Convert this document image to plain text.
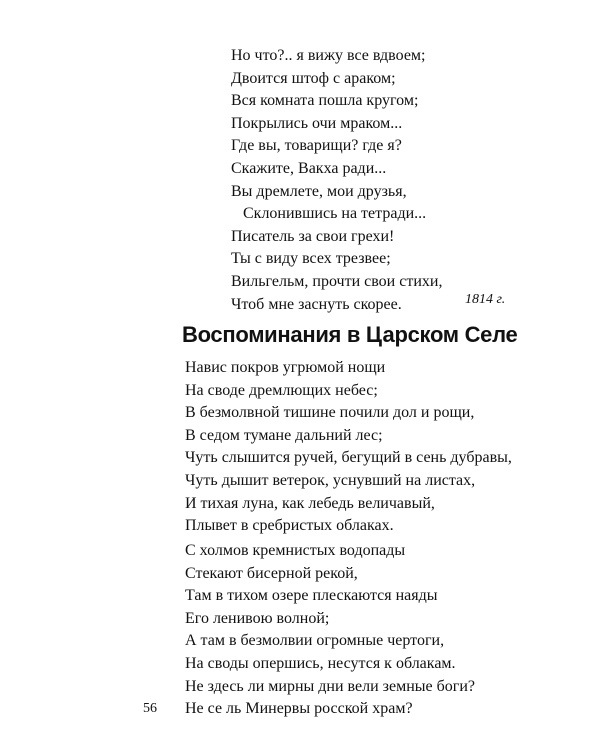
Но что?.. я вижу все вдвоем;
Двоится штоф с араком;
Вся комната пошла кругом;
Покрылись очи мраком...
Где вы, товарищи? где я?
Скажите, Вакха ради...
Вы дремлете, мои друзья,
Склонившись на тетради...
Писатель за свои грехи!
Ты с виду всех трезвее;
Вильгельм, прочти свои стихи,
Чтоб мне заснуть скорее.	1814 г.
Воспоминания в Царском Селе
Навис покров угрюмой нощи
На своде дремлющих небес;
В безмолвной тишине почили дол и рощи,
В седом тумане дальний лес;
Чуть слышится ручей, бегущий в сень дубравы,
Чуть дышит ветерок, уснувший на листах,
И тихая луна, как лебедь величавый,
Плывет в сребристых облаках.
С холмов кремнистых водопады
Стекают бисерной рекой,
Там в тихом озере плескаются наяды
Его ленивою волной;
А там в безмолвии огромные чертоги,
На своды опершись, несутся к облакам.
Не здесь ли мирны дни вели земные боги?
Не се ль Минервы росской храм?
56
